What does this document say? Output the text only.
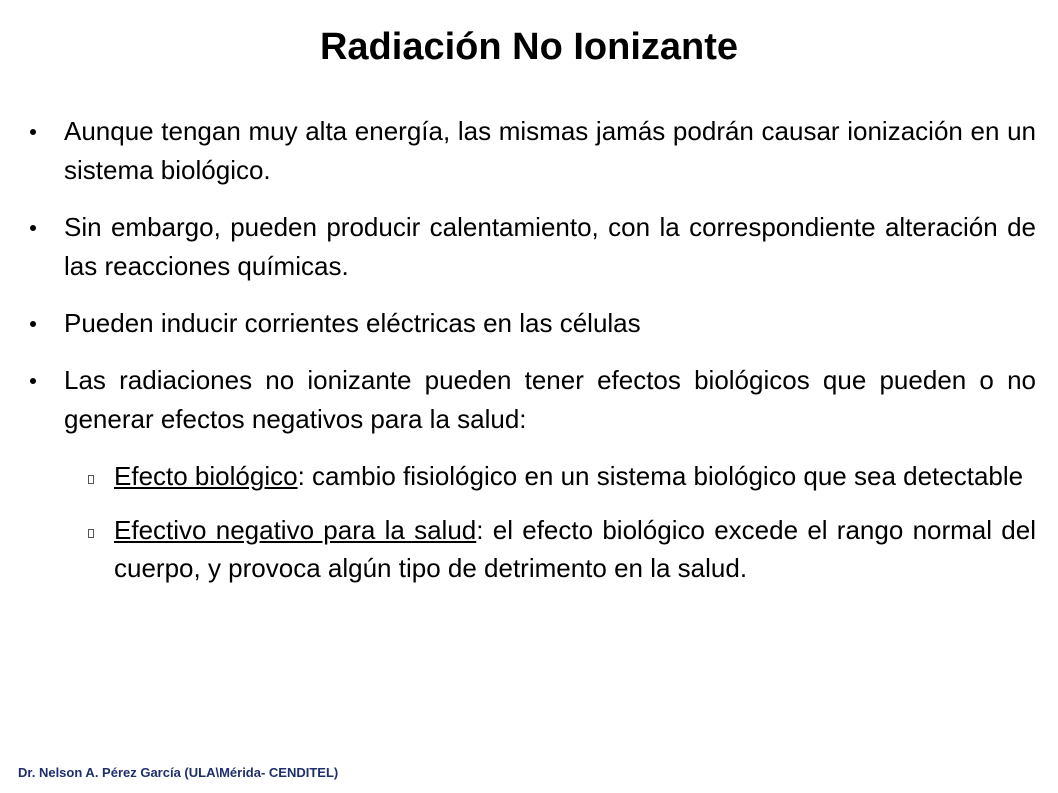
Radiación No Ionizante
Aunque tengan muy alta energía, las mismas jamás podrán causar ionización en un sistema biológico.
Sin embargo, pueden producir calentamiento, con la correspondiente alteración de las reacciones químicas.
Pueden inducir corrientes eléctricas en las células
Las radiaciones no ionizante pueden tener efectos biológicos que pueden o no generar efectos negativos para la salud:
Efecto biológico: cambio fisiológico en un sistema biológico que sea detectable
Efectivo negativo para la salud: el efecto biológico excede el rango normal del cuerpo, y provoca algún tipo de detrimento en la salud.
Dr. Nelson A. Pérez García (ULA\Mérida- CENDITEL)
